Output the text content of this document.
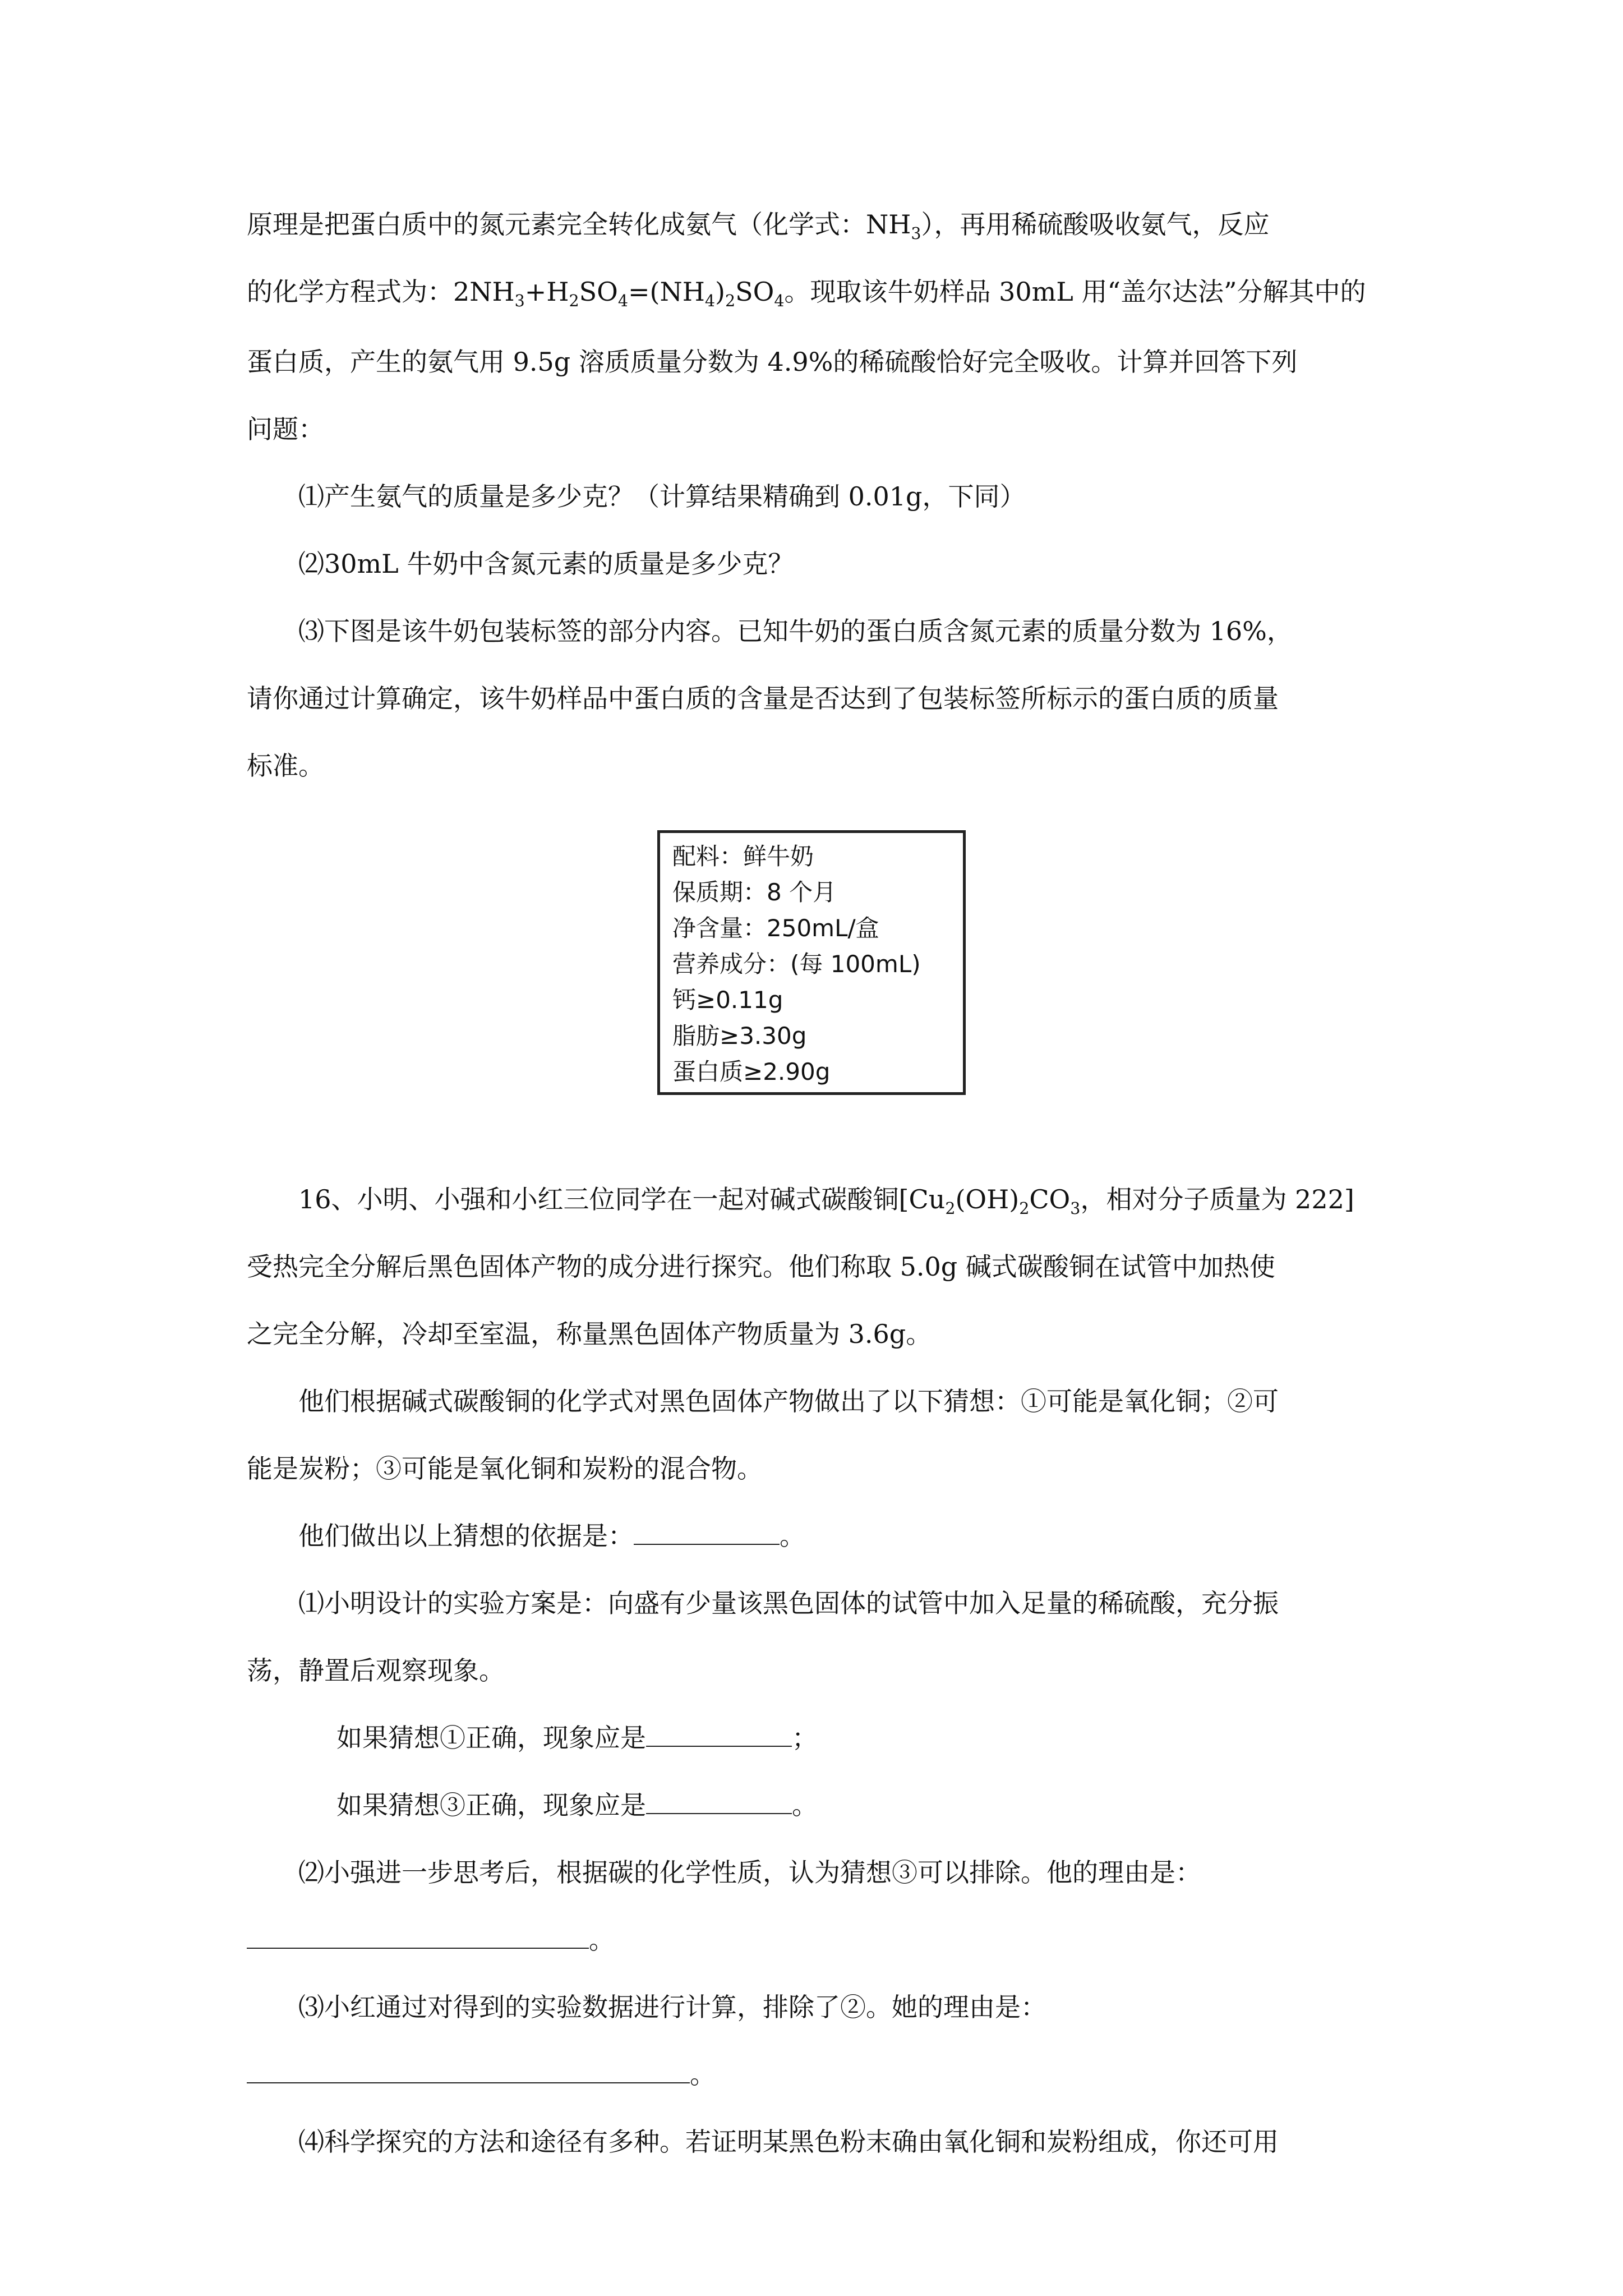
原理是把蛋白质中的氮元素完全转化成氨气（化学式：$NH_3$），再用稀硫酸吸收氨气，反应
的化学方程式为：$2NH_3+H_2SO_4=(NH_4)_2SO_4$。现取该牛奶样品 30mL 用“盖尔达法”分解其中的
蛋白质，产生的氨气用 9.5g 溶质质量分数为 4.9%的稀硫酸恰好完全吸收。计算并回答下列
问题：
⑴产生氨气的质量是多少克？（计算结果精确到 0.01g，下同）
⑵30mL 牛奶中含氮元素的质量是多少克？
⑶下图是该牛奶包装标签的部分内容。已知牛奶的蛋白质含氮元素的质量分数为 16%，
请你通过计算确定，该牛奶样品中蛋白质的含量是否达到了包装标签所标示的蛋白质的质量
标准。
配料：鲜牛奶
保质期：8 个月
净含量：250mL/盒
营养成分：(每 100mL)
钙≥0.11g
脂肪≥3.30g
蛋白质≥2.90g
16、小明、小强和小红三位同学在一起对碱式碳酸铜[$Cu_2(OH)_2CO_3$，相对分子质量为 222]
受热完全分解后黑色固体产物的成分进行探究。他们称取 5.0g 碱式碳酸铜在试管中加热使
之完全分解，冷却至室温，称量黑色固体产物质量为 3.6g。
他们根据碱式碳酸铜的化学式对黑色固体产物做出了以下猜想：①可能是氧化铜；②可
能是炭粉；③可能是氧化铜和炭粉的混合物。
他们做出以上猜想的依据是：	。
⑴小明设计的实验方案是：向盛有少量该黑色固体的试管中加入足量的稀硫酸，充分振
荡，静置后观察现象。
如果猜想①正确，现象应是	；
如果猜想③正确，现象应是	。
⑵小强进一步思考后，根据碳的化学性质，认为猜想③可以排除。他的理由是：
。
⑶小红通过对得到的实验数据进行计算，排除了②。她的理由是：
。
⑷科学探究的方法和途径有多种。若证明某黑色粉末确由氧化铜和炭粉组成，你还可用
